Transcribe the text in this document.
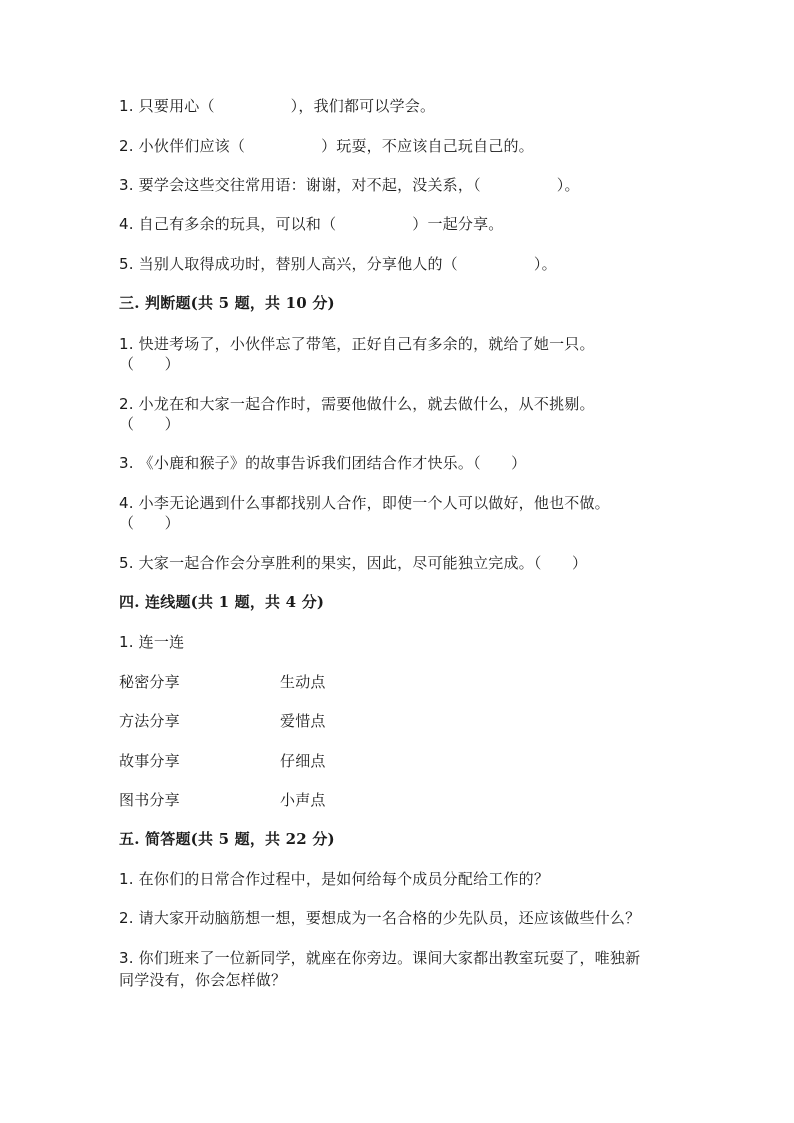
1. 只要用心（　　　　　），我们都可以学会。
2. 小伙伴们应该（　　　　　）玩耍，不应该自己玩自己的。
3. 要学会这些交往常用语：谢谢，对不起，没关系，（　　　　　）。
4. 自己有多余的玩具，可以和（　　　　　）一起分享。
5. 当别人取得成功时，替别人高兴，分享他人的（　　　　　）。
三. 判断题(共 5 题，共 10 分)
1. 快进考场了，小伙伴忘了带笔，正好自己有多余的，就给了她一只。
（　　）
2. 小龙在和大家一起合作时，需要他做什么，就去做什么，从不挑剔。
（　　）
3. 《小鹿和猴子》的故事告诉我们团结合作才快乐。（　　）
4. 小李无论遇到什么事都找别人合作，即使一个人可以做好，他也不做。
（　　）
5. 大家一起合作会分享胜利的果实，因此，尽可能独立完成。（　　）
四. 连线题(共 1 题，共 4 分)
1. 连一连
秘密分享	生动点
方法分享	爱惜点
故事分享	仔细点
图书分享	小声点
五. 简答题(共 5 题，共 22 分)
1. 在你们的日常合作过程中，是如何给每个成员分配给工作的？
2. 请大家开动脑筋想一想，要想成为一名合格的少先队员，还应该做些什么？
3. 你们班来了一位新同学，就座在你旁边。课间大家都出教室玩耍了，唯独新
同学没有，你会怎样做？
